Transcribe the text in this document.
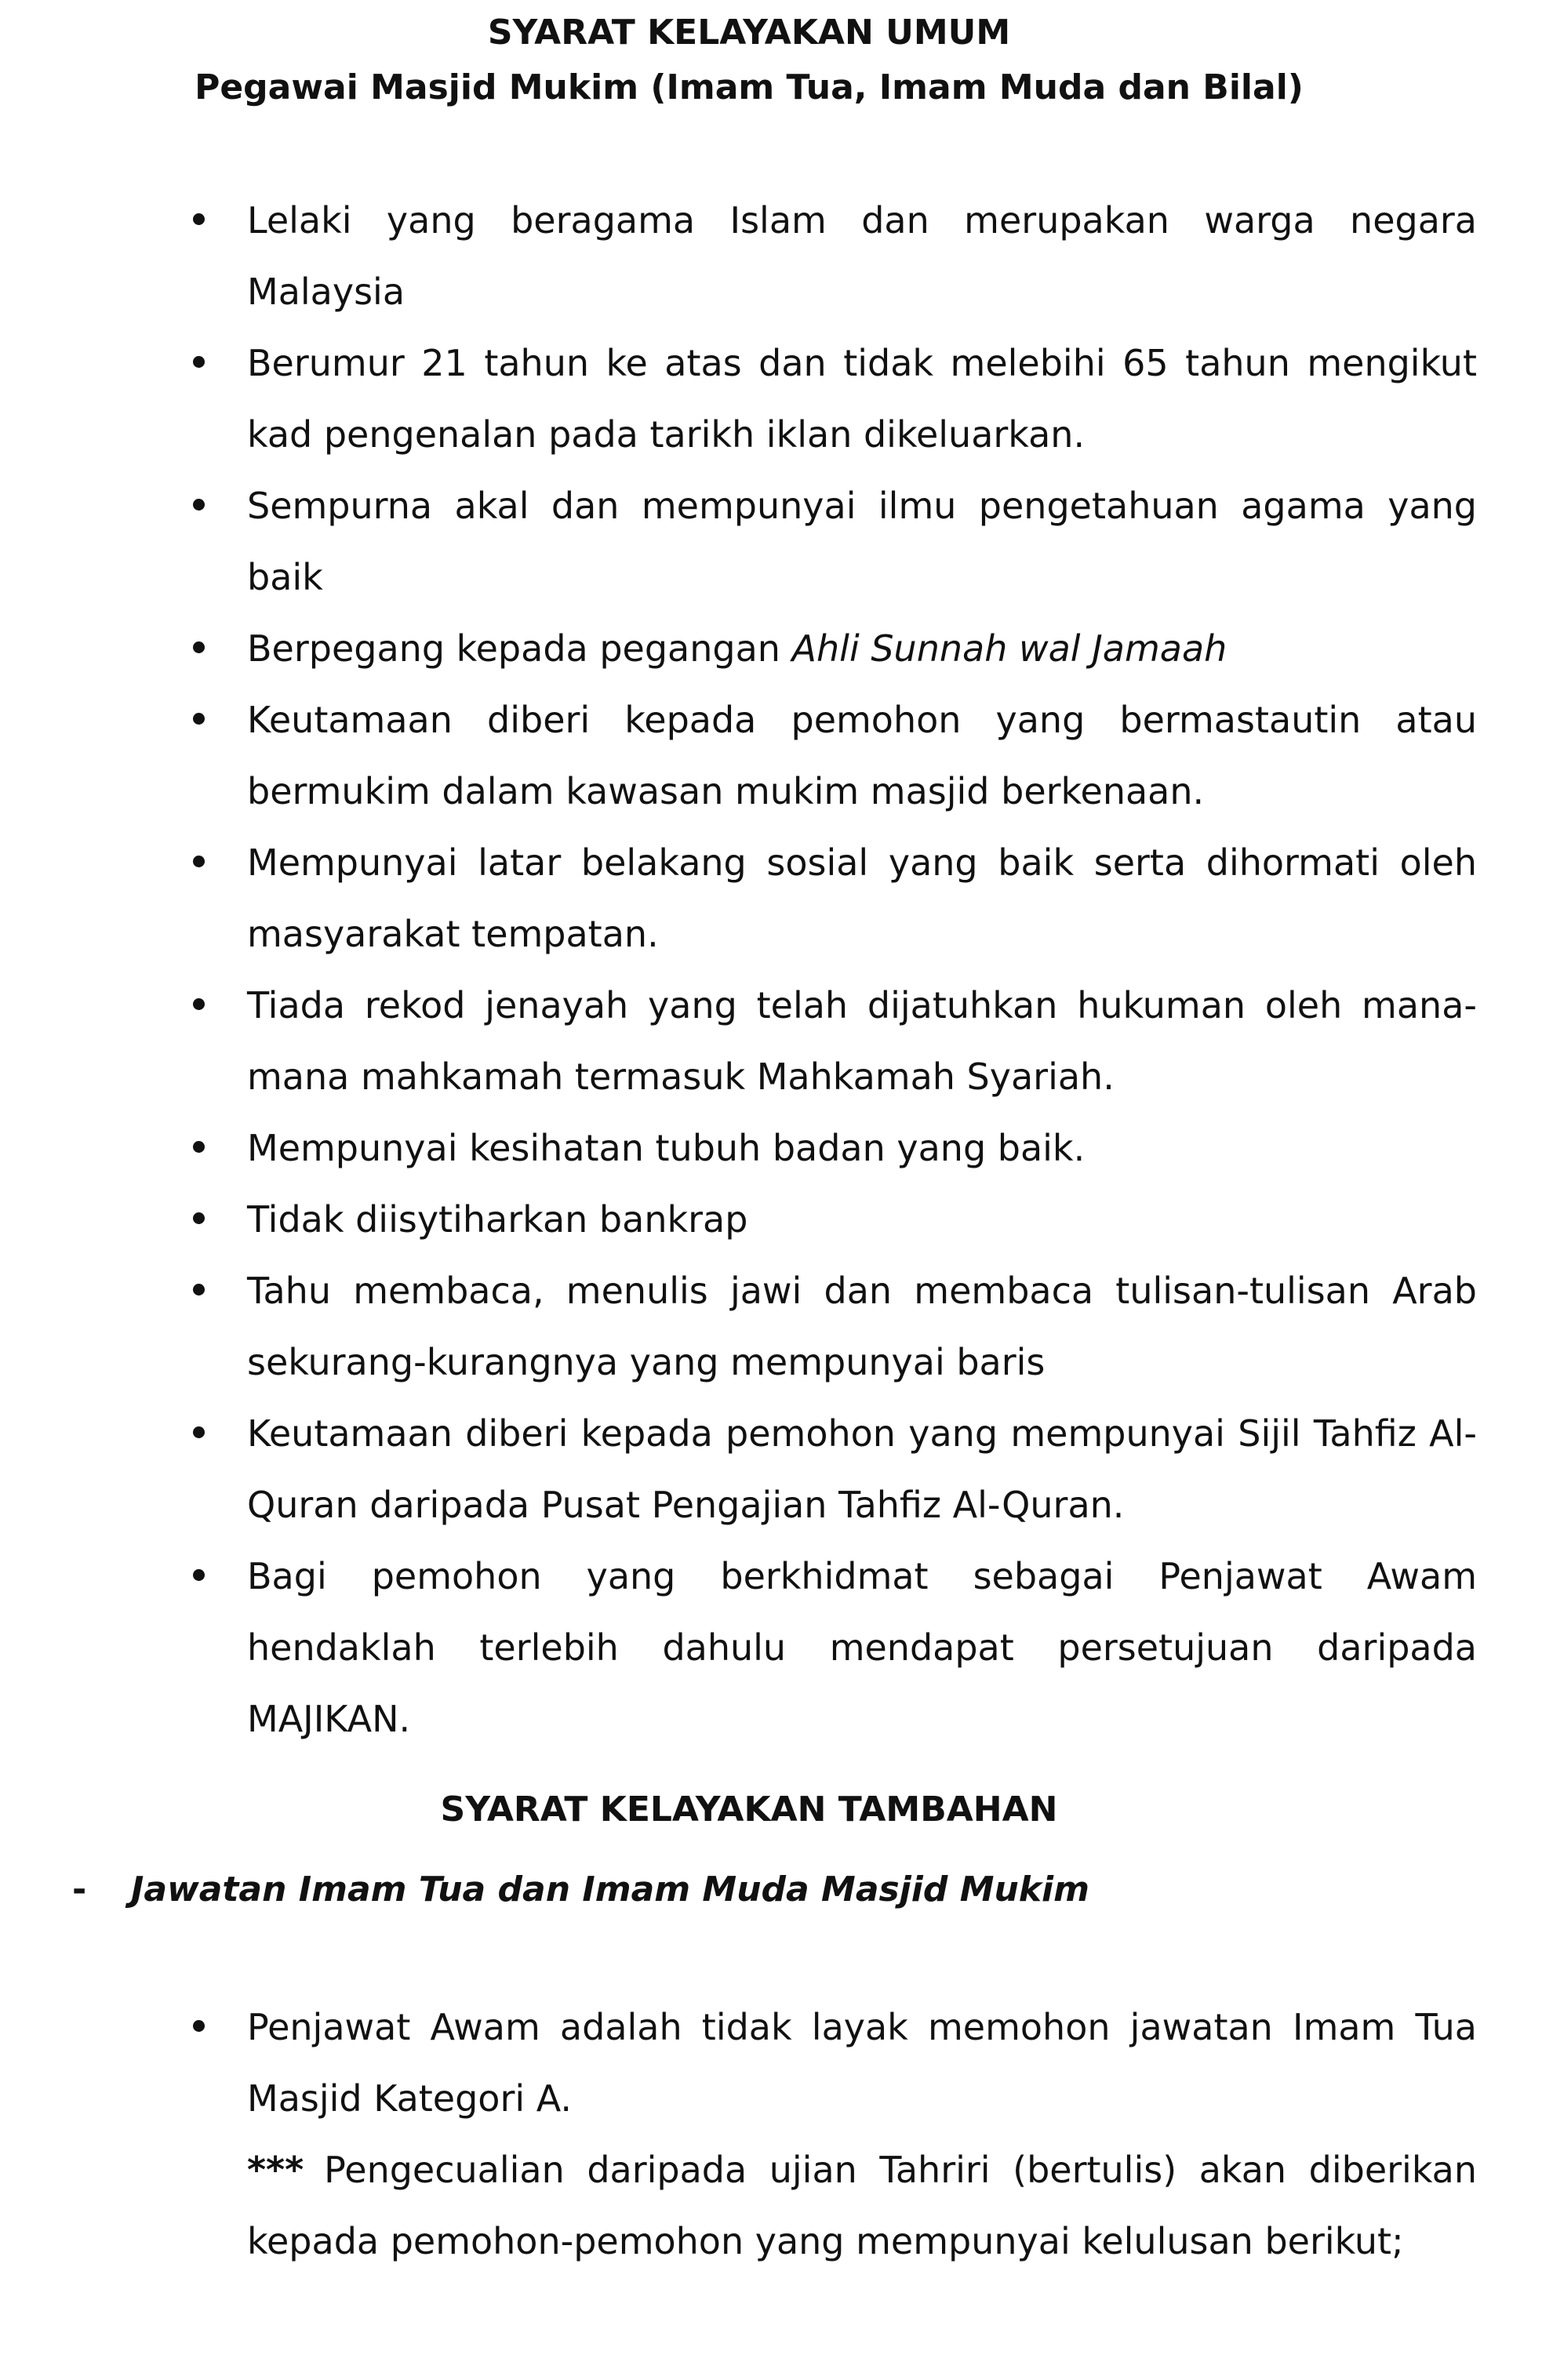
SYARAT KELAYAKAN UMUM
Pegawai Masjid Mukim (Imam Tua, Imam Muda dan Bilal)

Lelaki yang beragama Islam dan merupakan warga negara Malaysia

Berumur 21 tahun ke atas dan tidak melebihi 65 tahun mengikut kad pengenalan pada tarikh iklan dikeluarkan.

Sempurna akal dan mempunyai ilmu pengetahuan agama yang baik

Berpegang kepada pegangan Ahli Sunnah wal Jamaah

Keutamaan diberi kepada pemohon yang bermastautin atau bermukim dalam kawasan mukim masjid berkenaan.

Mempunyai latar belakang sosial yang baik serta dihormati oleh masyarakat tempatan.

Tiada rekod jenayah yang telah dijatuhkan hukuman oleh mana-mana mahkamah termasuk Mahkamah Syariah.

Mempunyai kesihatan tubuh badan yang baik.

Tidak diisytiharkan bankrap

Tahu membaca, menulis jawi dan membaca tulisan-tulisan Arab sekurang-kurangnya yang mempunyai baris

Keutamaan diberi kepada pemohon yang mempunyai Sijil Tahfiz Al-Quran daripada Pusat Pengajian Tahfiz Al-Quran.

Bagi pemohon yang berkhidmat sebagai Penjawat Awam hendaklah terlebih dahulu mendapat persetujuan daripada MAJIKAN.

SYARAT KELAYAKAN TAMBAHAN
- Jawatan Imam Tua dan Imam Muda Masjid Mukim

Penjawat Awam adalah tidak layak memohon jawatan Imam Tua Masjid Kategori A.

*** Pengecualian daripada ujian Tahriri (bertulis) akan diberikan kepada pemohon-pemohon yang mempunyai kelulusan berikut;
